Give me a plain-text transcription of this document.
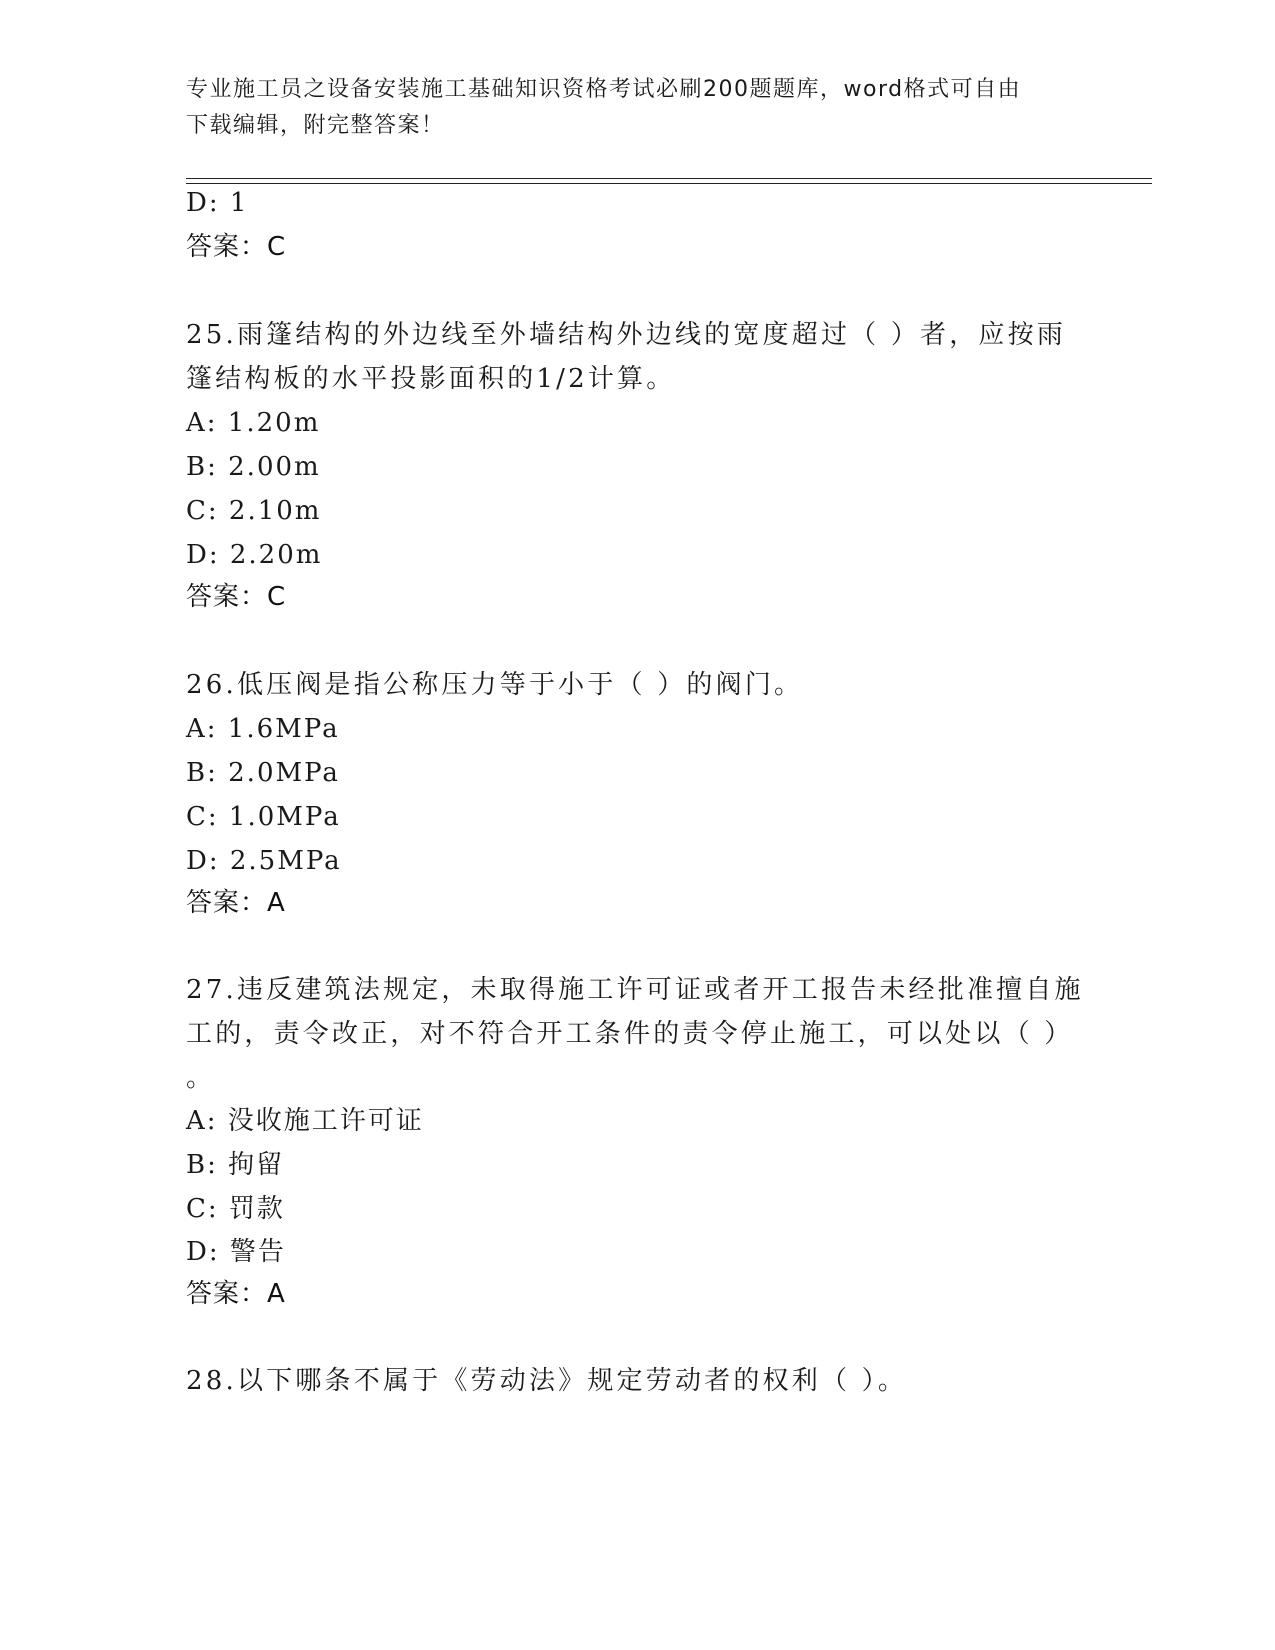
专业施工员之设备安装施工基础知识资格考试必刷200题题库，word格式可自由
下载编辑，附完整答案！
D: 1
答案：C
25.雨篷结构的外边线至外墙结构外边线的宽度超过（ ）者，应按雨
篷结构板的水平投影面积的1/2计算。
A: 1.20m
B: 2.00m
C: 2.10m
D: 2.20m
答案：C
26.低压阀是指公称压力等于小于（ ）的阀门。
A: 1.6MPa
B: 2.0MPa
C: 1.0MPa
D: 2.5MPa
答案：A
27.违反建筑法规定，未取得施工许可证或者开工报告未经批准擅自施
工的，责令改正，对不符合开工条件的责令停止施工，可以处以（ ）
。
A: 没收施工许可证
B: 拘留
C: 罚款
D: 警告
答案：A
28.以下哪条不属于《劳动法》规定劳动者的权利（ ）。
